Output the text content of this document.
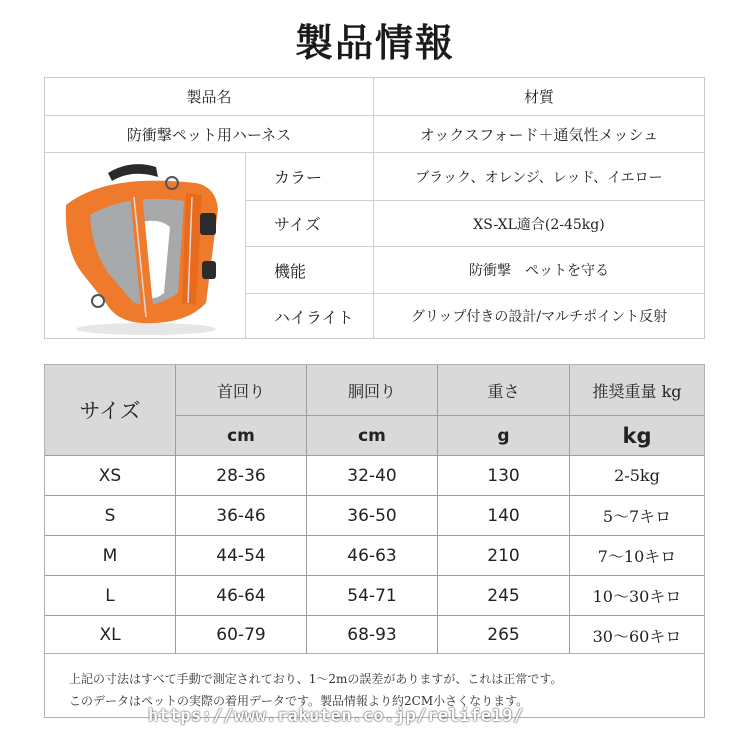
製品情報
製品名	材質
防衝撃ペット用ハーネス	オックスフォード＋通気性メッシュ
カラー	ブラック、オレンジ、レッド、イエロー
サイズ	XS-XL適合(2-45kg)
機能	防衝撃　ペットを守る
ハイライト	グリップ付きの設計/マルチポイント反射
サイズ
首回り	胴回り	重さ	推奨重量 kg
cm	cm	g	kg
XS	28-36	32-40	130	2-5kg
S	36-46	36-50	140	5～7キロ
M	44-54	46-63	210	7～10キロ
L	46-64	54-71	245	10～30キロ
XL	60-79	68-93	265	30～60キロ
上記の寸法はすべて手動で測定されており、1～2mの誤差がありますが、これは正常です。
このデータはペットの実際の着用データです。製品情報より約2CM小さくなります。
https://www.rakuten.co.jp/relife19/
